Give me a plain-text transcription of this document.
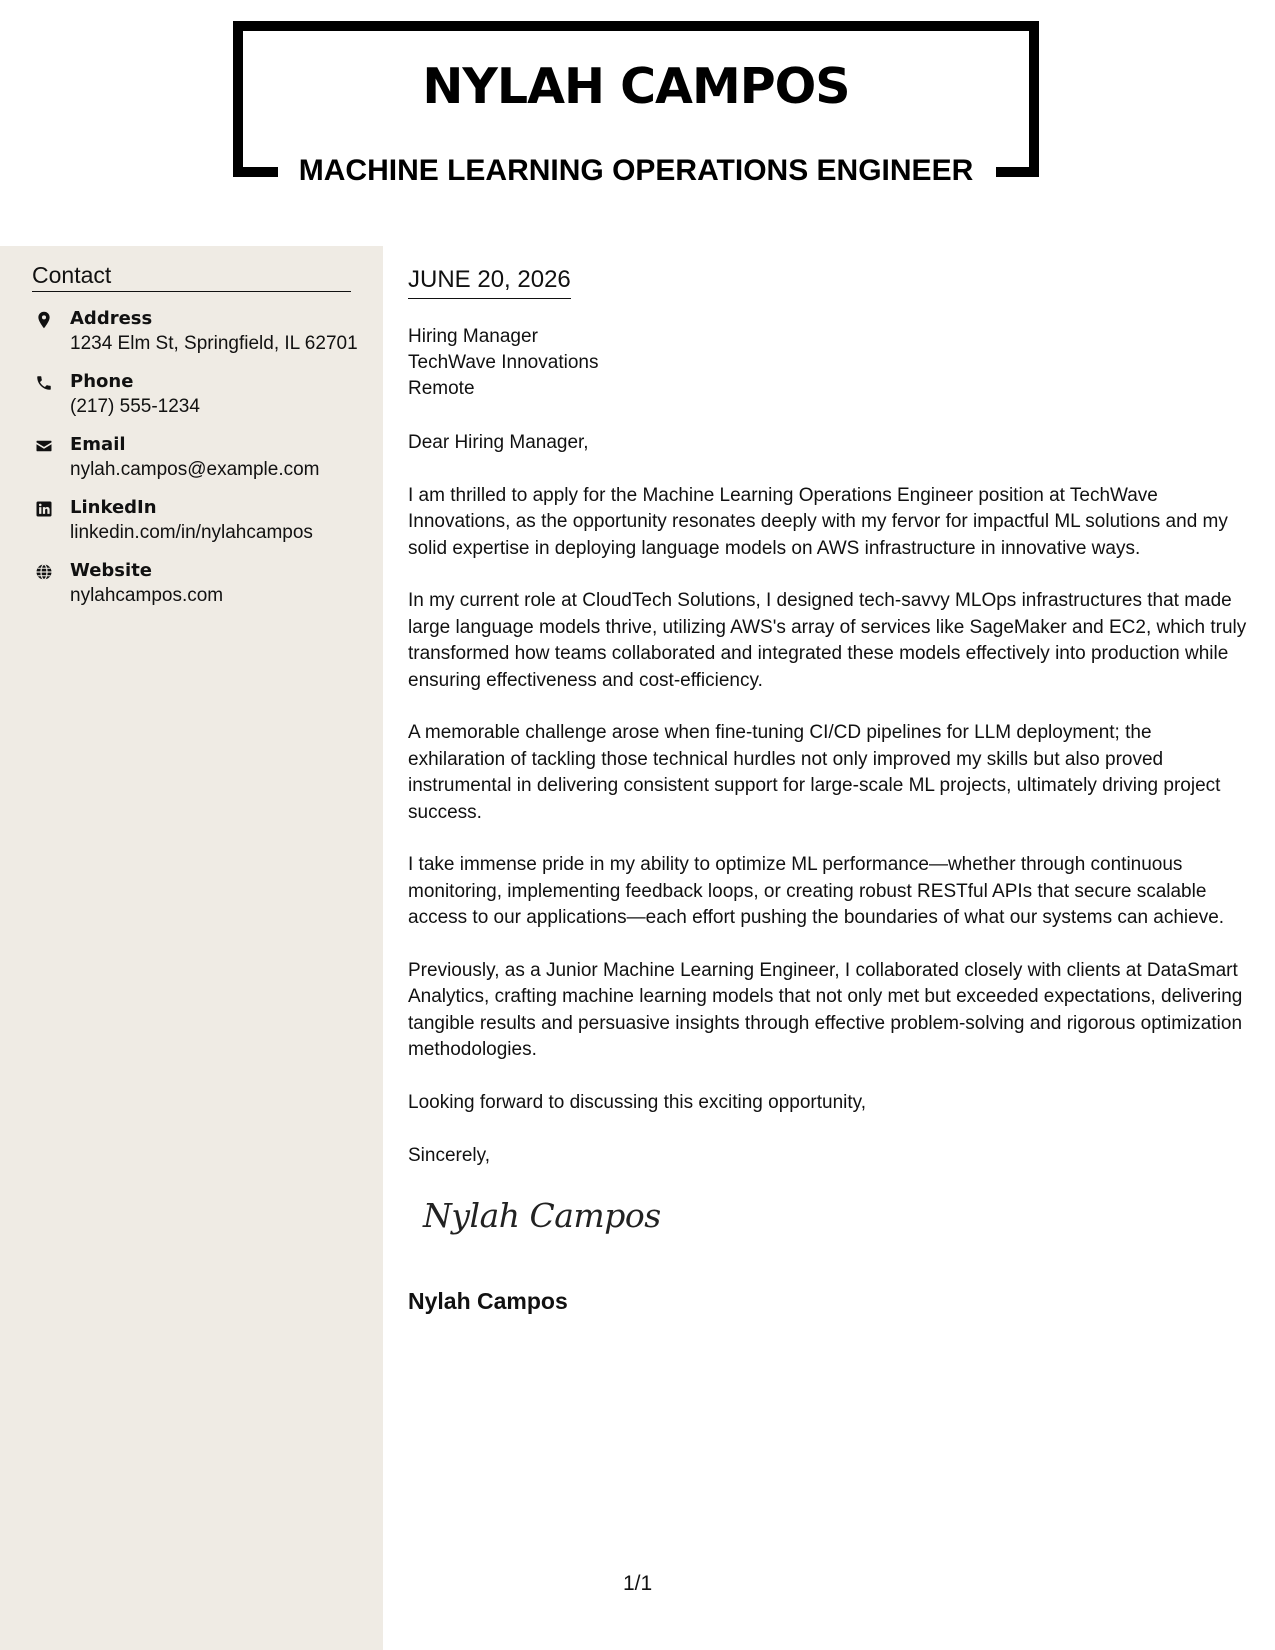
NYLAH CAMPOS
MACHINE LEARNING OPERATIONS ENGINEER
Contact
Address
1234 Elm St, Springfield, IL 62701
Phone
(217) 555-1234
Email
nylah.campos@example.com
LinkedIn
linkedin.com/in/nylahcampos
Website
nylahcampos.com
JUNE 20, 2026
Hiring Manager
TechWave Innovations
Remote

Dear Hiring Manager,

I am thrilled to apply for the Machine Learning Operations Engineer position at TechWave Innovations, as the opportunity resonates deeply with my fervor for impactful ML solutions and my solid expertise in deploying language models on AWS infrastructure in innovative ways.

In my current role at CloudTech Solutions, I designed tech-savvy MLOps infrastructures that made large language models thrive, utilizing AWS's array of services like SageMaker and EC2, which truly transformed how teams collaborated and integrated these models effectively into production while ensuring effectiveness and cost-efficiency.

A memorable challenge arose when fine-tuning CI/CD pipelines for LLM deployment; the exhilaration of tackling those technical hurdles not only improved my skills but also proved instrumental in delivering consistent support for large-scale ML projects, ultimately driving project success.

I take immense pride in my ability to optimize ML performance—whether through continuous monitoring, implementing feedback loops, or creating robust RESTful APIs that secure scalable access to our applications—each effort pushing the boundaries of what our systems can achieve.

Previously, as a Junior Machine Learning Engineer, I collaborated closely with clients at DataSmart Analytics, crafting machine learning models that not only met but exceeded expectations, delivering tangible results and persuasive insights through effective problem-solving and rigorous optimization methodologies.

Looking forward to discussing this exciting opportunity,

Sincerely,
Nylah Campos
Nylah Campos
1/1
